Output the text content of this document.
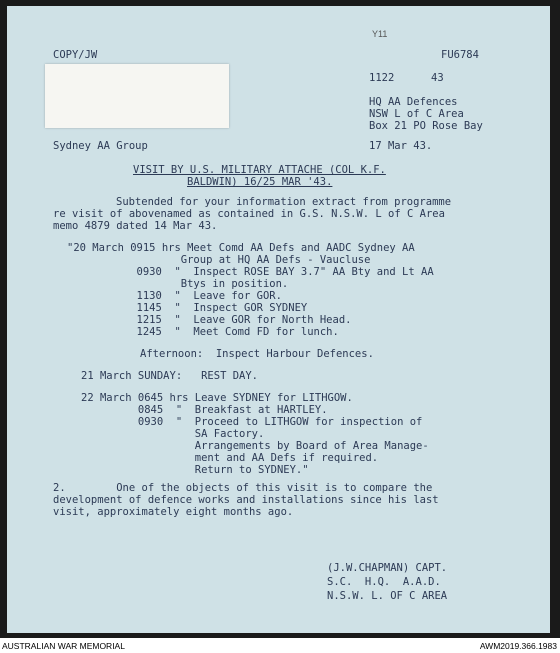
COPY/JW
Y11
FU6784
1122	43
HQ AA Defences
NSW L of C Area
Box 21 PO Rose Bay
Sydney AA Group	17 Mar 43.
VISIT BY U.S. MILITARY ATTACHE (COL K.F.
BALDWIN) 16/25 MAR '43.
Subtended for your information extract from programme
re visit of abovenamed as contained in G.S. N.S.W. L of C Area
memo 4879 dated 14 Mar 43.
"20 March 0915 hrs Meet Comd AA Defs and AADC Sydney AA
Group at HQ AA Defs - Vaucluse
0930  "  Inspect ROSE BAY 3.7" AA Bty and Lt AA
Btys in position.
1130  "  Leave for GOR.
1145  "  Inspect GOR SYDNEY
1215  "  Leave GOR for North Head.
1245  "  Meet Comd FD for lunch.
Afternoon:  Inspect Harbour Defences.
21 March SUNDAY:   REST DAY.
22 March 0645 hrs Leave SYDNEY for LITHGOW.
0845  "  Breakfast at HARTLEY.
0930  "  Proceed to LITHGOW for inspection of
SA Factory.
Arrangements by Board of Area Manage-
ment and AA Defs if required.
Return to SYDNEY."
2.        One of the objects of this visit is to compare the
development of defence works and installations since his last
visit, approximately eight months ago.
(J.W.CHAPMAN) CAPT.
S.C.  H.Q.  A.A.D.
N.S.W. L. OF C AREA
AUSTRALIAN WAR MEMORIAL	AWM2019.366.1983
